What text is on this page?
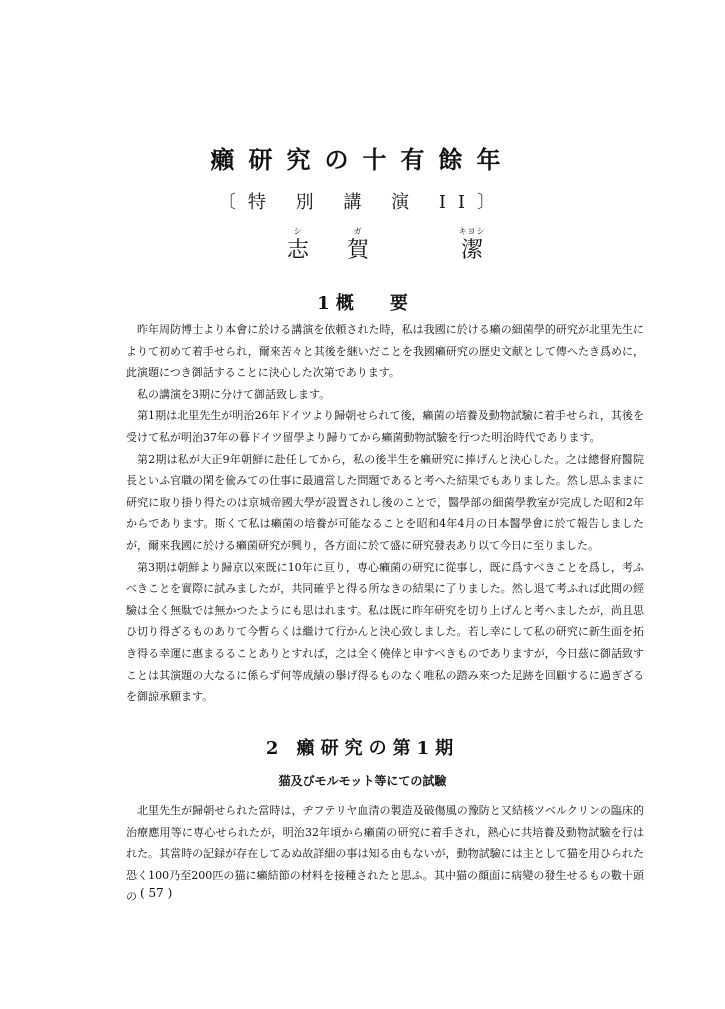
癩研究の十有餘年
〔特 別 講 演 II〕
シ
志
ガ
賀
キヨシ
潔
1 概　　要

昨年周防博士より本會に於ける講演を依頼された時，私は我國に於ける癩の細菌學的研究が北里先生によりて初めて着手せられ，爾來苦々と其後を継いだことを我國癩研究の歴史文献として傳へたき爲めに，此演題につき御話することに決心した次第であります。

私の講演を3期に分けて御話致します。

第1期は北里先生が明治26年ドイツより歸朝せられて後，癩菌の培養及動物試驗に着手せられ，其後を受けて私が明治37年の暮ドイツ留學より歸りてから癩菌動物試驗を行つた明治時代であります。

第2期は私が大正9年朝鮮に赴任してから，私の後半生を癩研究に捧げんと決心した。之は總督府醫院長といふ官職の閑を偸みての仕事に最適當した問題であると考へた結果でもありました。然し思ふままに研究に取り掛り得たのは京城帝國大學が設置されし後のことで，醫學部の細菌學教室が完成した昭和2年からであります。斯くて私は癩菌の培養が可能なることを昭和4年4月の日本醫學會に於て報告しましたが，爾來我國に於ける癩菌研究が興り，各方面に於て盛に研究發表あり以て今日に至りました。

第3期は朝鮮より歸京以來既に10年に亘り，専心癩菌の研究に從事し，既に爲すべきことを爲し，考ふべきことを實際に試みましたが，共同確乎と得る所なきの結果に了りました。然し退て考ふれば此間の經驗は全く無駄では無かつたようにも思はれます。私は既に昨年研究を切り上げんと考へましたが，尚且思ひ切り得ざるものありて今暫らくは繼けて行かんと決心致しました。若し幸にして私の研究に新生面を拓き得る幸運に惠まるることありとすれば，之は全く僥倖と申すべきものでありますが，今日茲に御話致すことは其演題の大なるに係らず何等成績の擧げ得るものなく唯私の踏み來つた足跡を回顧するに過ぎざるを御諒承願ます。

2 癩研究の第1期
猫及びモルモット等にての試驗

北里先生が歸朝せられた當時は，ヂフテリヤ血清の製造及破傷風の豫防と又結核ツベルクリンの臨床的治療應用等に専心せられたが，明治32年頃から癩菌の研究に着手され，熱心に共培養及動物試驗を行はれた。其當時の記録が存在してゐぬ故詳細の事は知る由もないが，動物試驗には主として猫を用ひられた恐く100乃至200匹の猫に癩結節の材料を接種されたと思ふ。其中猫の顔面に病變の發生せるもの數十頭の ( 57 )
